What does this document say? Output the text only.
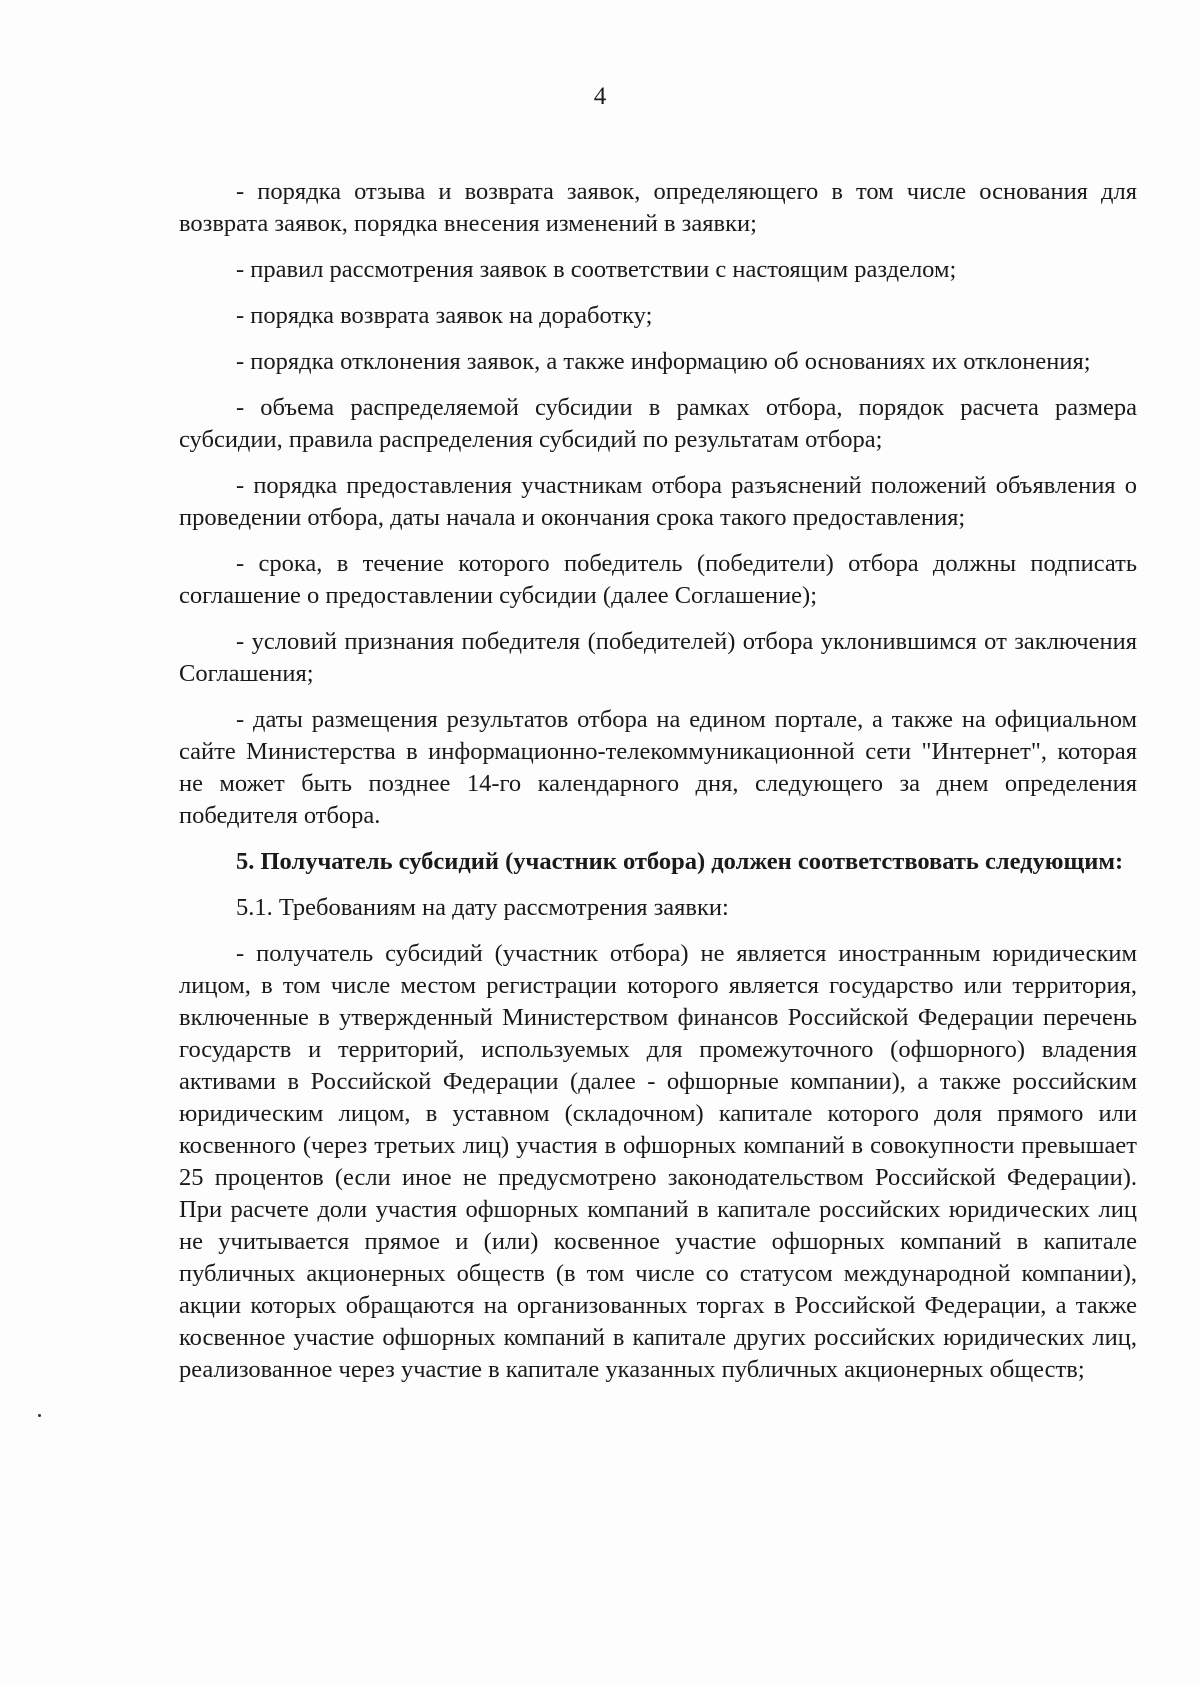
4

- порядка отзыва и возврата заявок, определяющего в том числе основания для возврата заявок, порядка внесения изменений в заявки;

- правил рассмотрения заявок в соответствии с настоящим разделом;

- порядка возврата заявок на доработку;

- порядка отклонения заявок, а также информацию об основаниях их отклонения;

- объема распределяемой субсидии в рамках отбора, порядок расчета размера субсидии, правила распределения субсидий по результатам отбора;

- порядка предоставления участникам отбора разъяснений положений объявления о проведении отбора, даты начала и окончания срока такого предоставления;

- срока, в течение которого победитель (победители) отбора должны подписать соглашение о предоставлении субсидии (далее Соглашение);

- условий признания победителя (победителей) отбора уклонившимся от заключения Соглашения;

- даты размещения результатов отбора на едином портале, а также на официальном сайте Министерства в информационно-телекоммуникационной сети "Интернет", которая не может быть позднее 14-го календарного дня, следующего за днем определения победителя отбора.

5. Получатель субсидий (участник отбора) должен соответствовать следующим:

5.1. Требованиям на дату рассмотрения заявки:

- получатель субсидий (участник отбора) не является иностранным юридическим лицом, в том числе местом регистрации которого является государство или территория, включенные в утвержденный Министерством финансов Российской Федерации перечень государств и территорий, используемых для промежуточного (офшорного) владения активами в Российской Федерации (далее - офшорные компании), а также российским юридическим лицом, в уставном (складочном) капитале которого доля прямого или косвенного (через третьих лиц) участия в офшорных компаний в совокупности превышает 25 процентов (если иное не предусмотрено законодательством Российской Федерации). При расчете доли участия офшорных компаний в капитале российских юридических лиц не учитывается прямое и (или) косвенное участие офшорных компаний в капитале публичных акционерных обществ (в том числе со статусом международной компании), акции которых обращаются на организованных торгах в Российской Федерации, а также косвенное участие офшорных компаний в капитале других российских юридических лиц, реализованное через участие в капитале указанных публичных акционерных обществ;
